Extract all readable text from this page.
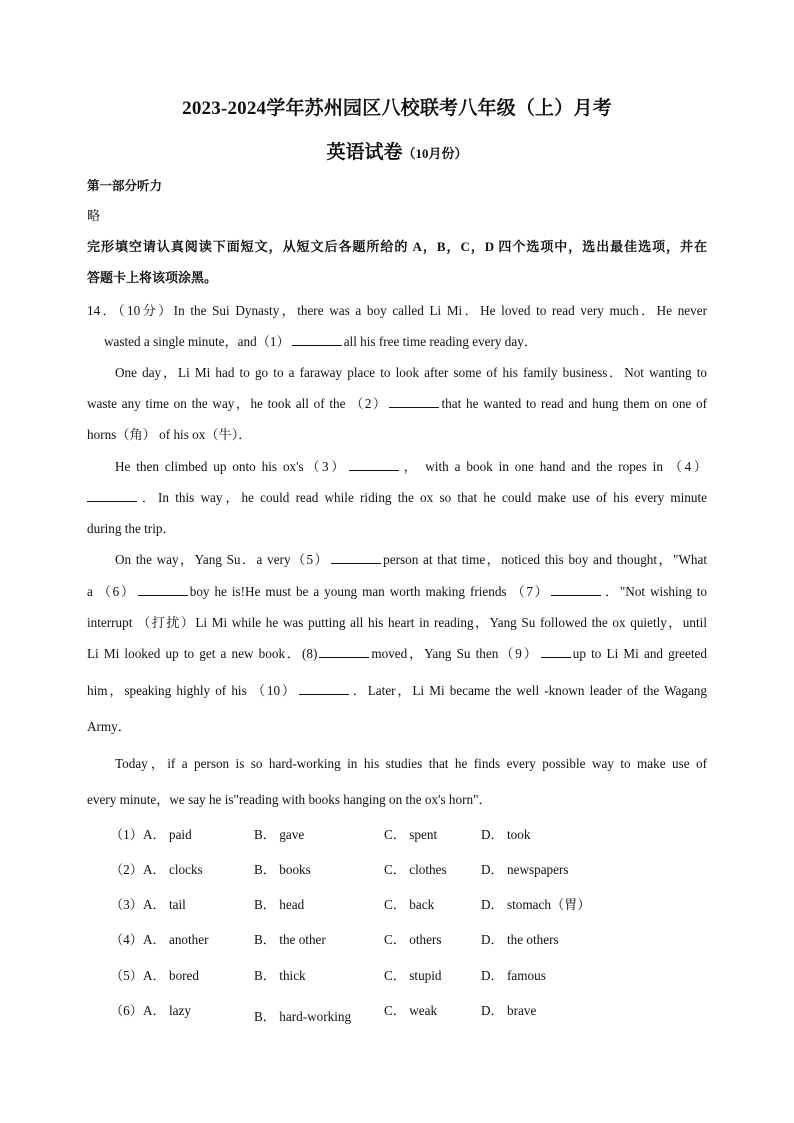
2023-2024学年苏州园区八校联考八年级（上）月考
英语试卷（10月份）
第一部分听力
略
完形填空请认真阅读下面短文，从短文后各题所给的 A，B，C，D 四个选项中，选出最佳选项，并在
答题卡上将该项涂黑。
14．（10分）In the Sui Dynasty，there was a boy called Li Mi．He loved to read very much．He never
wasted a single minute，and（1）	all his free time reading every day．
One day，Li Mi had to go to a faraway place to look after some of his family business．Not wanting to
waste any time on the way，he took all of the （2）	that he wanted to read and hung them on one of
horns（角） of his ox（牛）．
He then climbed up onto his ox's（3）	， with a book in one hand and the ropes in （4）
．In this way，he could read while riding the ox so that he could make use of his every minute
during the trip．
On the way，Yang Su．a very（5）	person at that time，noticed this boy and thought，"What
a （6）	boy he is!He must be a young man worth making friends （7）	．"Not wishing to
interrupt （打扰）Li Mi while he was putting all his heart in reading，Yang Su followed the ox quietly，until
Li Mi looked up to get a new book．(8)	moved，Yang Su then（9）	up to Li Mi and greeted
him，speaking highly of his （10）	．Later，Li Mi became the well -known leader of the Wagang
Army．
Today，if a person is so hard-working in his studies that he finds every possible way to make use of
every minute，we say he is"reading with books hanging on the ox's horn"．
（1）A． paid	B． gave	C． spent	D． took
（2）A． clocks	B． books	C． clothes	D． newspapers
（3）A． tail	B． head	C． back	D． stomach（胃）
（4）A． another	B． the other	C． others	D． the others
（5）A． bored	B． thick	C． stupid	D． famous
（6）A． lazy	B． hard-working C． weak	D． brave
